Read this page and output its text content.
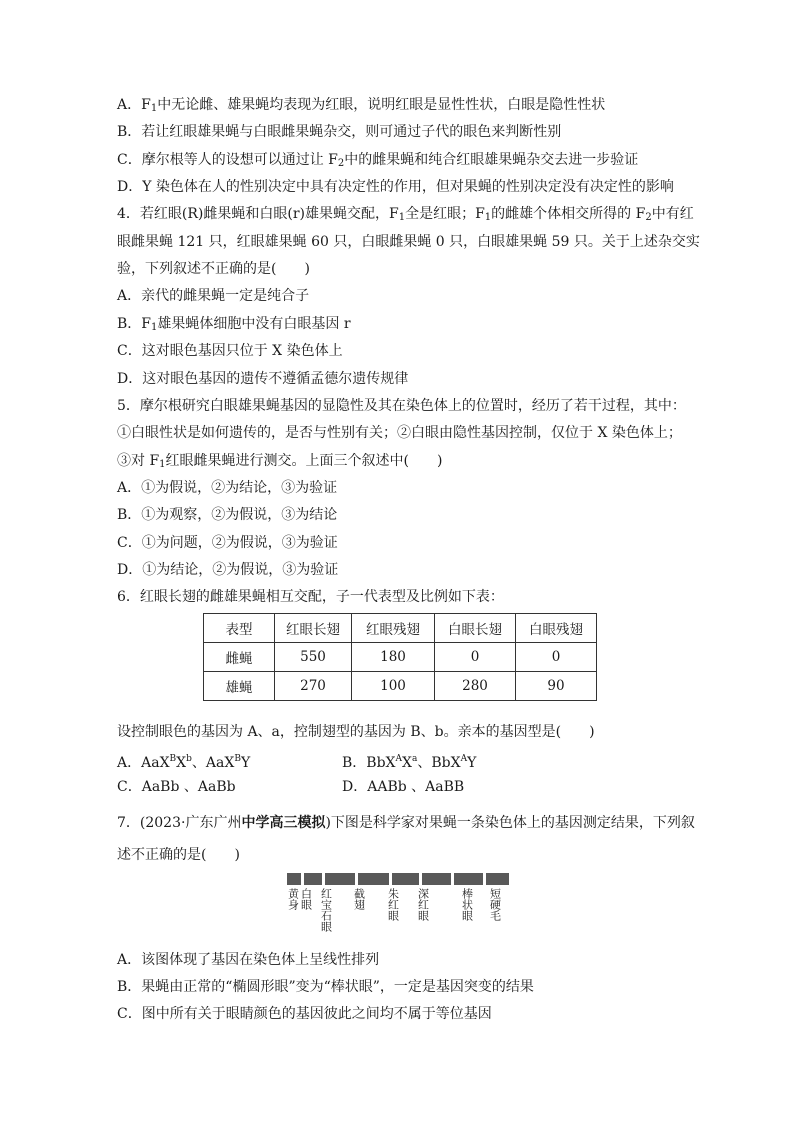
A．$F_1$中无论雌、雄果蝇均表现为红眼，说明红眼是显性性状，白眼是隐性性状
B．若让红眼雄果蝇与白眼雌果蝇杂交，则可通过子代的眼色来判断性别
C．摩尔根等人的设想可以通过让 $F_2$中的雌果蝇和纯合红眼雄果蝇杂交去进一步验证
D．Y 染色体在人的性别决定中具有决定性的作用，但对果蝇的性别决定没有决定性的影响
4．若红眼(R)雌果蝇和白眼(r)雄果蝇交配，$F_1$全是红眼；$F_1$的雌雄个体相交所得的 $F_2$中有红
眼雌果蝇 121 只，红眼雄果蝇 60 只，白眼雌果蝇 0 只，白眼雄果蝇 59 只。关于上述杂交实
验，下列叙述不正确的是(　　)
A．亲代的雌果蝇一定是纯合子
B．$F_1$雄果蝇体细胞中没有白眼基因 r
C．这对眼色基因只位于 X 染色体上
D．这对眼色基因的遗传不遵循孟德尔遗传规律
5．摩尔根研究白眼雄果蝇基因的显隐性及其在染色体上的位置时，经历了若干过程，其中：
①白眼性状是如何遗传的，是否与性别有关；②白眼由隐性基因控制，仅位于 X 染色体上；
③对 $F_1$红眼雌果蝇进行测交。上面三个叙述中(　　)
A．①为假说，②为结论，③为验证
B．①为观察，②为假说，③为结论
C．①为问题，②为假说，③为验证
D．①为结论，②为假说，③为验证
6．红眼长翅的雌雄果蝇相互交配，子一代表型及比例如下表：
表型	红眼长翅	红眼残翅	白眼长翅	白眼残翅
雌蝇	550	180	0	0
雄蝇	270	100	280	90
设控制眼色的基因为 A、a，控制翅型的基因为 B、b。亲本的基因型是(　　)
A．$AaX^BX^b$、AaX$^B$Y	B．$BbX^AX^a$、BbX$^A$Y
C．AaBb 、AaBb	D．AABb 、AaBB
7．(2023·广东广州中学高三模拟)下图是科学家对果蝇一条染色体上的基因测定结果，下列叙
述不正确的是(　　)
黄身 白眼 红宝石眼 截翅 朱红眼 深红眼	棒状眼 短硬毛
A．该图体现了基因在染色体上呈线性排列
B．果蝇由正常的“椭圆形眼”变为“棒状眼”，一定是基因突变的结果
C．图中所有关于眼睛颜色的基因彼此之间均不属于等位基因
